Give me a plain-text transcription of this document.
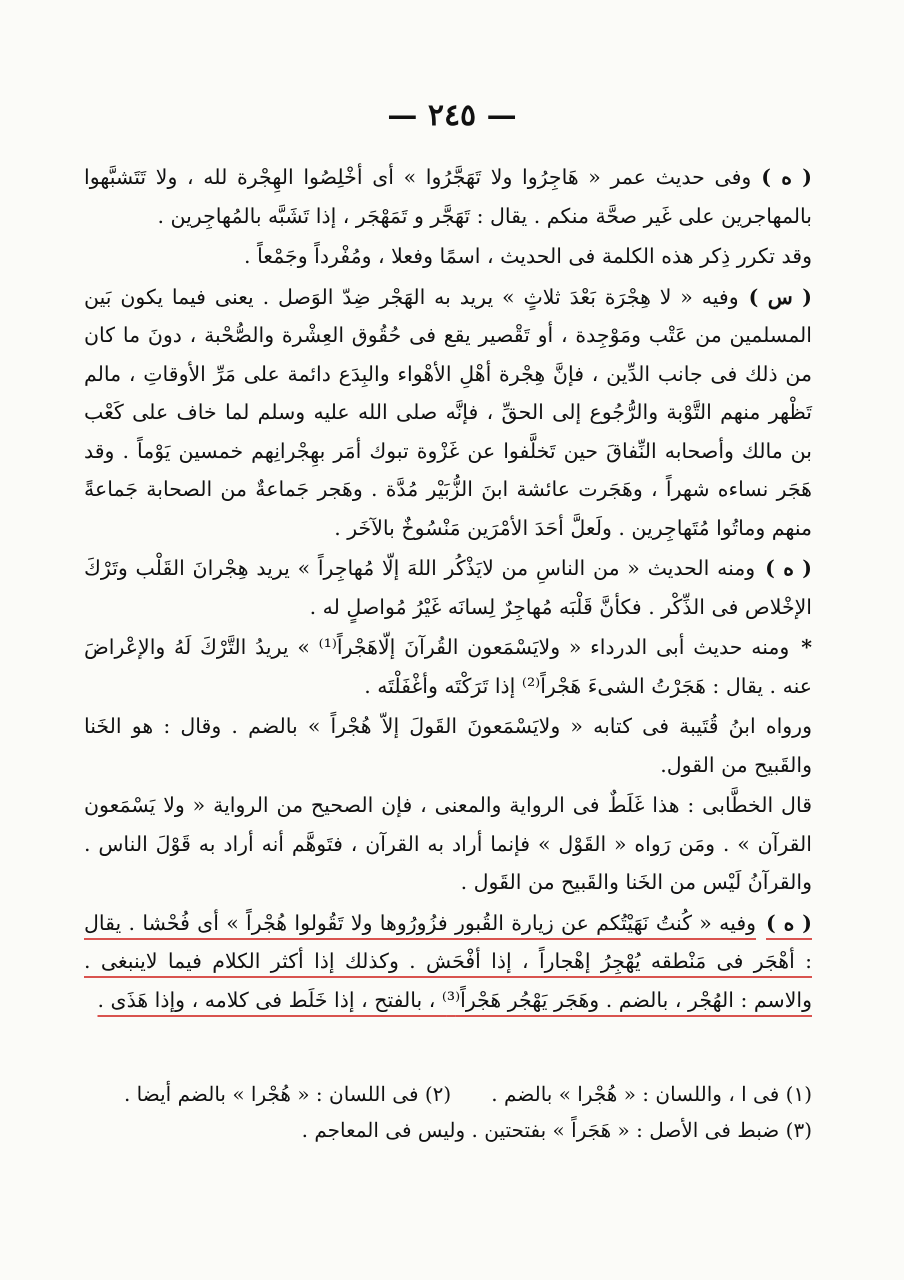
— ٢٤٥ —

( ه )وفى حديث عمر « هَاجِرُوا ولا تَهَجَّرُوا » أى أخْلِصُوا الهِجْرة لله ، ولا تَتَشبَّهوا بالمهاجرين على غَير صحَّة منكم . يقال : تَهَجَّر و تَمَهْجَر ، إذا تَشَبَّه بالمُهاجِرين .

وقد تكرر ذِكر هذه الكلمة فى الحديث ، اسمًا وفعلا ، ومُفْرداً وجَمْعاً .

( س )وفيه « لا هِجْرَة بَعْدَ ثلاثٍ » يريد به الهَجْر ضِدّ الوَصل . يعنى فيما يكون بَين المسلمين من عَتْب ومَوْجِدة ، أو تَقْصير يقع فى حُقُوق العِشْرة والصُّحْبة ، دونَ ما كان من ذلك فى جانب الدِّين ، فإنَّ هِجْرة أهْلِ الأهْواء والبِدَع دائمة على مَرِّ الأوقاتِ ، مالم تَظْهر منهم التَّوْبة والرُّجُوع إلى الحقِّ ، فإنَّه صلى الله عليه وسلم لما خاف على كَعْب بن مالك وأصحابه النِّفاقَ حين تَخلَّفوا عن غَزْوة تبوك أمَر بهِجْرانِهم خمسين يَوْماً . وقد هَجَر نساءه شهراً ، وهَجَرت عائشة ابنَ الزُّبَيْر مُدَّة . وهَجر جَماعةٌ من الصحابة جَماعةً منهم وماتُوا مُتَهاجِرين . ولَعلَّ أحَدَ الأمْرَين مَنْسُوخٌ بالآخَر .

( ه )ومنه الحديث « من الناسِ من لايَذْكُر اللهَ إلّا مُهاجِراً » يريد هِجْرانَ القَلْب وتَرْكَ الإخْلاص فى الذِّكْر . فكأنَّ قَلْبَه مُهاجِرٌ لِسانَه غَيْرُ مُواصلٍ له .

*ومنه حديث أبى الدرداء « ولايَسْمَعون القُرآنَ إلّاهَجْراً⁽¹⁾ » يريدُ التَّرْكَ لَهُ والإعْراضَ عنه . يقال : هَجَرْتُ الشىءَ هَجْراً⁽²⁾ إذا تَرَكْتَه وأغْفَلْتَه .

ورواه ابنُ قُتَيبة فى كتابه « ولايَسْمَعونَ القَولَ إلاّ هُجْراً » بالضم . وقال : هو الخَنا والقَبيح من القول.

قال الخطَّابى : هذا غَلَطٌ فى الرواية والمعنى ، فإن الصحيح من الرواية « ولا يَسْمَعون القرآن » . ومَن رَواه « القَوْل » فإنما أراد به القرآن ، فتَوهَّم أنه أراد به قَوْلَ الناس . والقرآنُ لَيْس من الخَنا والقَبيح من القَول .

( ه )وفيه « كُنتُ نَهَيْتُكم عن زيارة القُبور فزُورُوها ولا تَقُولوا هُجْراً » أى فُحْشا . يقال : أهْجَر فى مَنْطقه يُهْجِرُ إهْجاراً ، إذا أفْحَش . وكذلك إذا أكثر الكلام فيما لاينبغى . والاسم : الهُجْر ، بالضم . وهَجَر يَهْجُر هَجْراً⁽³⁾ ، بالفتح ، إذا خَلَط فى كلامه ، وإذا هَذَى .

(١) فى ا ، واللسان : « هُجْرا » بالضم .(٢) فى اللسان : « هُجْرا » بالضم أيضا .

(٣) ضبط فى الأصل : « هَجَراً » بفتحتين . وليس فى المعاجم .
